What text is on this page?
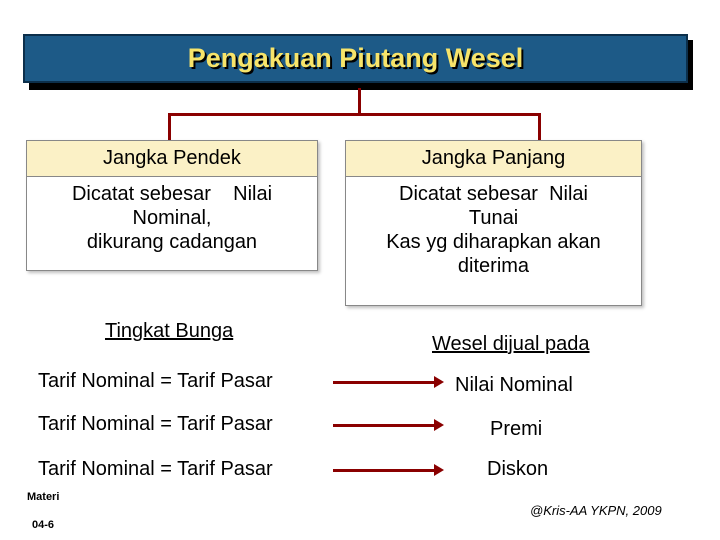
Pengakuan Piutang Wesel
Jangka Pendek
Dicatat sebesar    Nilai
Nominal,
dikurang cadangan
Jangka Panjang
Dicatat sebesar  Nilai
Tunai
Kas yg diharapkan akan
diterima
Tingkat Bunga
Wesel dijual pada
Tarif Nominal = Tarif Pasar	Nilai Nominal
Tarif Nominal = Tarif Pasar	Premi
Tarif Nominal = Tarif Pasar	Diskon
Materi
04-6
@Kris-AA YKPN, 2009
